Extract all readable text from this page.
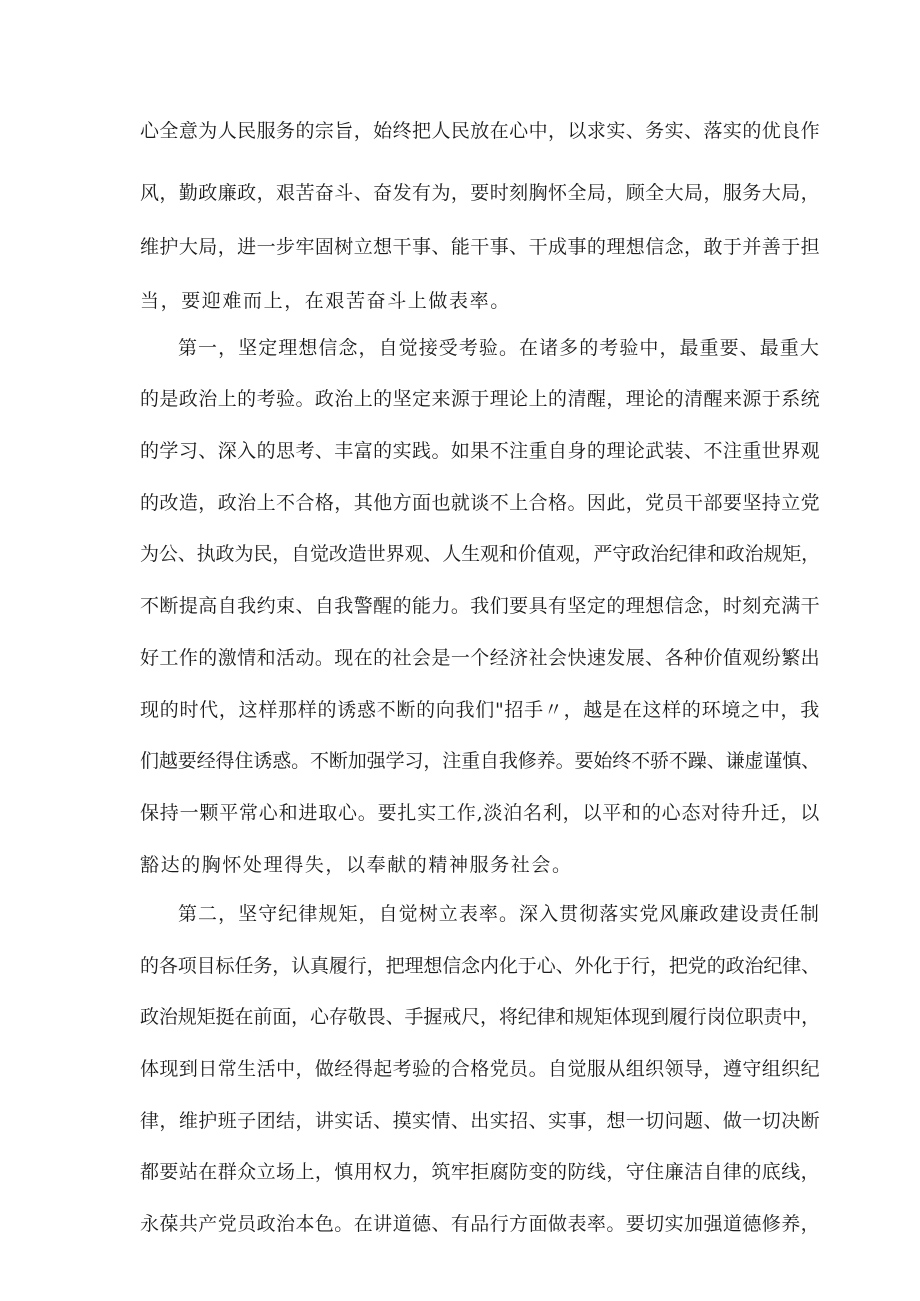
心全意为人民服务的宗旨，始终把人民放在心中，以求实、务实、落实的优良作
风，勤政廉政，艰苦奋斗、奋发有为，要时刻胸怀全局，顾全大局，服务大局，
维护大局，进一步牢固树立想干事、能干事、干成事的理想信念，敢于并善于担
当，要迎难而上，在艰苦奋斗上做表率。
第一，坚定理想信念，自觉接受考验。在诸多的考验中，最重要、最重大
的是政治上的考验。政治上的坚定来源于理论上的清醒，理论的清醒来源于系统
的学习、深入的思考、丰富的实践。如果不注重自身的理论武装、不注重世界观
的改造，政治上不合格，其他方面也就谈不上合格。因此，党员干部要坚持立党
为公、执政为民，自觉改造世界观、人生观和价值观，严守政治纪律和政治规矩，
不断提高自我约束、自我警醒的能力。我们要具有坚定的理想信念，时刻充满干
好工作的激情和活动。现在的社会是一个经济社会快速发展、各种价值观纷繁出
现的时代，这样那样的诱惑不断的向我们"招手〃，越是在这样的环境之中，我
们越要经得住诱惑。不断加强学习，注重自我修养。要始终不骄不躁、谦虚谨慎、
保持一颗平常心和进取心。要扎实工作,淡泊名利，以平和的心态对待升迁，以
豁达的胸怀处理得失，以奉献的精神服务社会。
第二，坚守纪律规矩，自觉树立表率。深入贯彻落实党风廉政建设责任制
的各项目标任务，认真履行，把理想信念内化于心、外化于行，把党的政治纪律、
政治规矩挺在前面，心存敬畏、手握戒尺，将纪律和规矩体现到履行岗位职责中，
体现到日常生活中，做经得起考验的合格党员。自觉服从组织领导，遵守组织纪
律，维护班子团结，讲实话、摸实情、出实招、实事，想一切问题、做一切决断
都要站在群众立场上，慎用权力，筑牢拒腐防变的防线，守住廉洁自律的底线，
永葆共产党员政治本色。在讲道德、有品行方面做表率。要切实加强道德修养，
